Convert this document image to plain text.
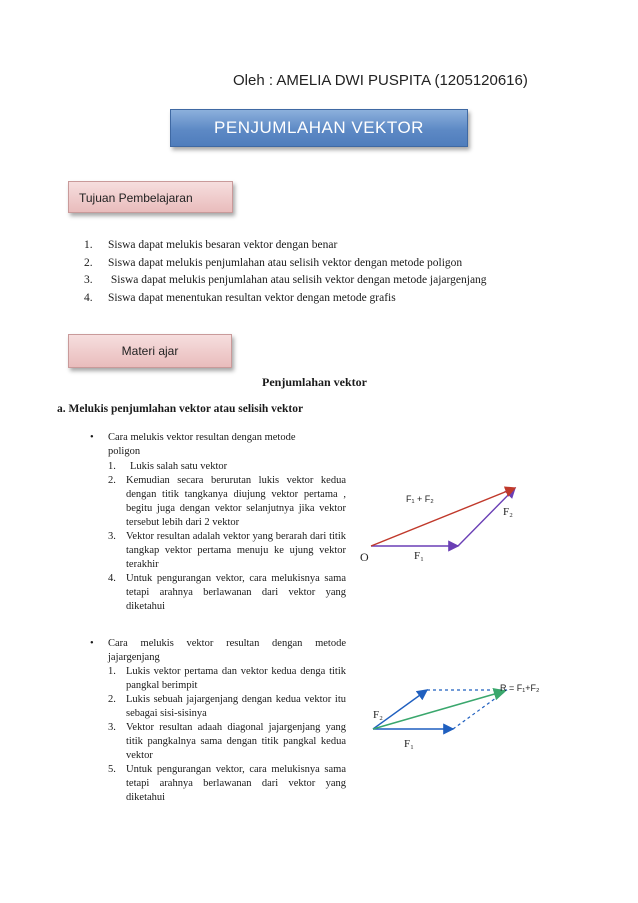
Oleh : AMELIA DWI PUSPITA (1205120616)
PENJUMLAHAN VEKTOR
Tujuan Pembelajaran
1. Siswa dapat melukis besaran vektor dengan benar
2. Siswa dapat melukis penjumlahan atau selisih vektor dengan metode poligon
3. Siswa dapat melukis penjumlahan atau selisih vektor dengan metode jajargenjang
4. Siswa dapat menentukan resultan vektor dengan metode grafis
Materi ajar
Penjumlahan vektor
a. Melukis penjumlahan vektor atau selisih vektor
• Cara melukis vektor resultan dengan metode poligon
1.	Lukis salah satu vektor
2. Kemudian secara berurutan lukis vektor kedua dengan titik tangkanya diujung vektor pertama , begitu juga dengan vektor selanjutnya jika vektor tersebut lebih dari 2 vektor
3. Vektor resultan adalah vektor yang berarah dari titik tangkap vektor pertama menuju ke ujung vektor terakhir
4. Untuk pengurangan vektor, cara melukisnya sama tetapi arahnya berlawanan dari vektor yang diketahui
F₁ + F₂
F₂
O	F₁
• Cara melukis vektor resultan dengan metode jajargenjang
1. Lukis vektor pertama dan vektor kedua denga titik pangkal berimpit
2. Lukis sebuah jajargenjang dengan kedua vektor itu sebagai sisi-sisinya
3. Vektor resultan adaah diagonal jajargenjang yang titik pangkalnya sama dengan titik pangkal kedua vektor
5. Untuk pengurangan vektor, cara melukisnya sama tetapi arahnya berlawanan dari vektor yang diketahui
R = F₁+F₂
F₂
F₁
